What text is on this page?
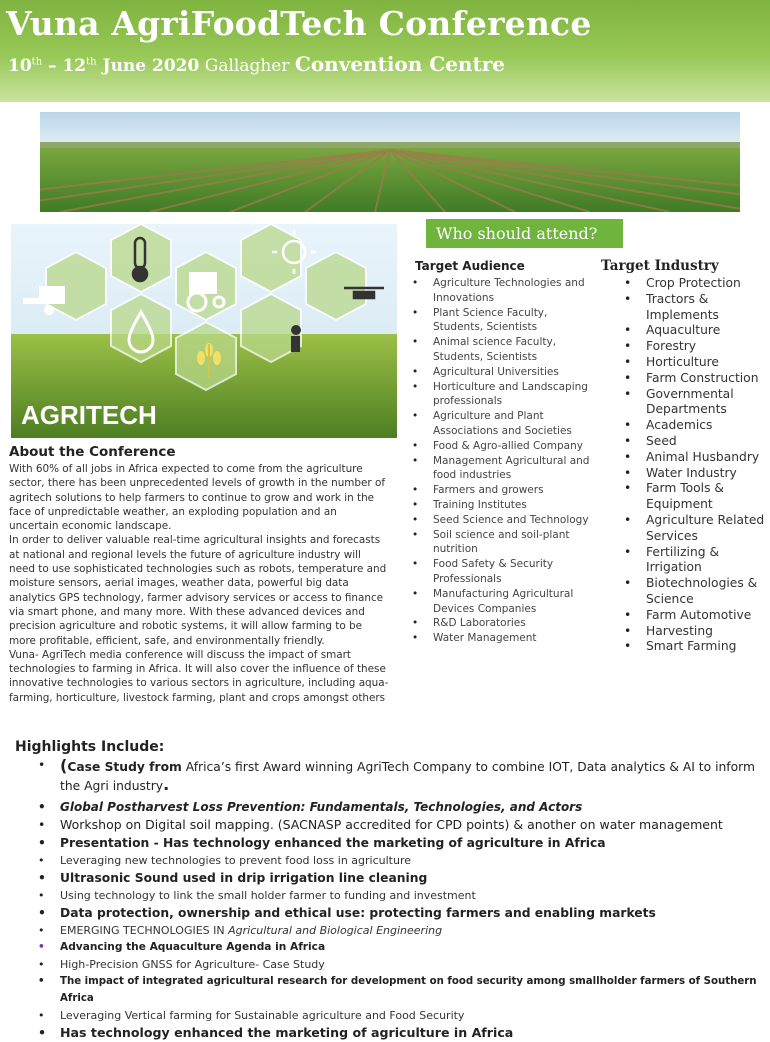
Vuna AgriFoodTech Conference
10th – 12th June 2020 Gallagher Convention Centre
AGRITECH
Who should attend?
Target Audience
• Agriculture Technologies and Innovations
• Plant Science Faculty, Students, Scientists
• Animal science Faculty, Students, Scientists
• Agricultural Universities
• Horticulture and Landscaping professionals
• Agriculture and Plant Associations and Societies
• Food & Agro-allied Company
• Management Agricultural and food industries
• Farmers and growers
• Training Institutes
• Seed Science and Technology
• Soil science and soil-plant nutrition
• Food Safety & Security Professionals
• Manufacturing Agricultural Devices Companies
• R&D Laboratories
• Water Management
Target Industry
• Crop Protection
• Tractors & Implements
• Aquaculture
• Forestry
• Horticulture
• Farm Construction
• Governmental Departments
• Academics
• Seed
• Animal Husbandry
• Water Industry
• Farm Tools & Equipment
• Agriculture Related Services
• Fertilizing & Irrigation
• Biotechnologies & Science
• Farm Automotive
• Harvesting
• Smart Farming
About the Conference

With 60% of all jobs in Africa expected to come from the agriculture sector, there has been unprecedented levels of growth in the number of agritech solutions to help farmers to continue to grow and work in the face of unpredictable weather, an exploding population and an uncertain economic landscape.

In order to deliver valuable real-time agricultural insights and forecasts at national and regional levels the future of agriculture industry will need to use sophisticated technologies such as robots, temperature and moisture sensors, aerial images, weather data, powerful big data analytics GPS technology, farmer advisory services or access to finance via smart phone, and many more. With these advanced devices and precision agriculture and robotic systems, it will allow farming to be more profitable, efficient, safe, and environmentally friendly.

Vuna- AgriTech media conference will discuss the impact of smart technologies to farming in Africa. It will also cover the influence of these innovative technologies to various sectors in agriculture, including aqua-farming, horticulture, livestock farming, plant and crops amongst others

Highlights Include:
• (Case Study from Africa’s first Award winning AgriTech Company to combine IOT, Data analytics & AI to inform the Agri industry.
• Global Postharvest Loss Prevention: Fundamentals, Technologies, and Actors
• Workshop on Digital soil mapping. (SACNASP accredited for CPD points) & another on water management
• Presentation - Has technology enhanced the marketing of agriculture in Africa
• Leveraging new technologies to prevent food loss in agriculture
• Ultrasonic Sound used in drip irrigation line cleaning
• Using technology to link the small holder farmer to funding and investment
• Data protection, ownership and ethical use: protecting farmers and enabling markets
• EMERGING TECHNOLOGIES IN Agricultural and Biological Engineering
• Advancing the Aquaculture Agenda in Africa
• High-Precision GNSS for Agriculture- Case Study
• The impact of integrated agricultural research for development on food security among smallholder farmers of Southern Africa
• Leveraging Vertical farming for Sustainable agriculture and Food Security
• Has technology enhanced the marketing of agriculture in Africa
